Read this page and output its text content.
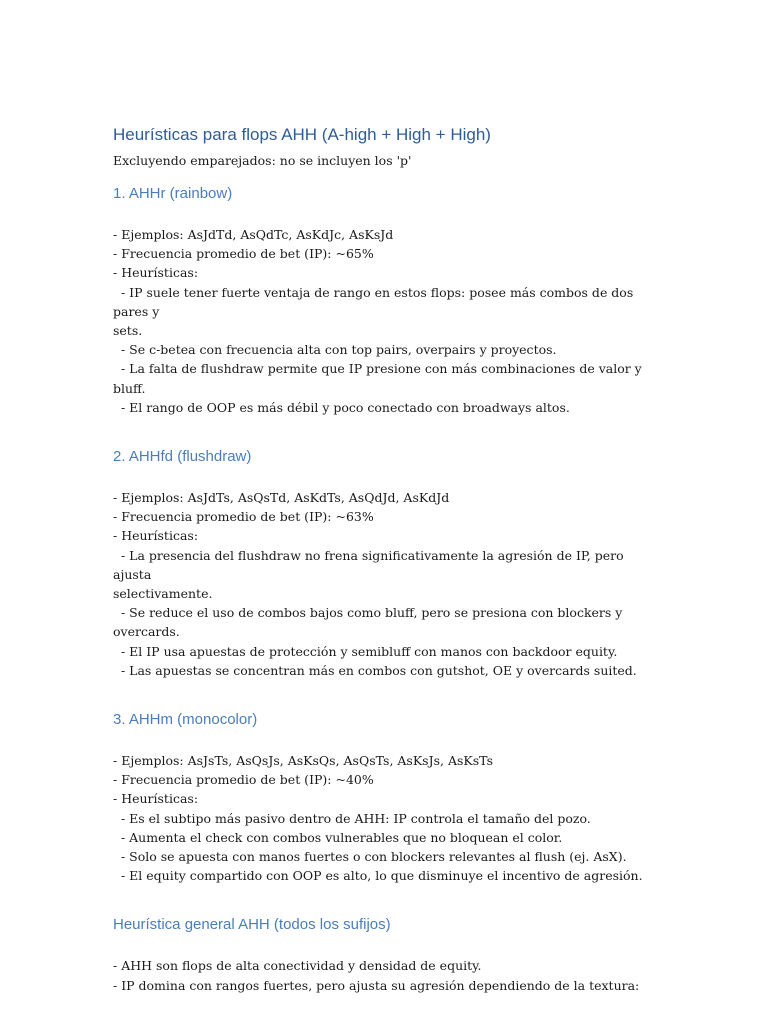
Heurísticas para flops AHH (A-high + High + High)

Excluyendo emparejados: no se incluyen los 'p'

1. AHHr (rainbow)

- Ejemplos: AsJdTd, AsQdTc, AsKdJc, AsKsJd

- Frecuencia promedio de bet (IP): ~65%

- Heurísticas:

- IP suele tener fuerte ventaja de rango en estos flops: posee más combos de dos pares y

sets.

- Se c-betea con frecuencia alta con top pairs, overpairs y proyectos.

- La falta de flushdraw permite que IP presione con más combinaciones de valor y bluff.

- El rango de OOP es más débil y poco conectado con broadways altos.

2. AHHfd (flushdraw)

- Ejemplos: AsJdTs, AsQsTd, AsKdTs, AsQdJd, AsKdJd

- Frecuencia promedio de bet (IP): ~63%

- Heurísticas:

- La presencia del flushdraw no frena significativamente la agresión de IP, pero ajusta

selectivamente.

- Se reduce el uso de combos bajos como bluff, pero se presiona con blockers y overcards.

- El IP usa apuestas de protección y semibluff con manos con backdoor equity.

- Las apuestas se concentran más en combos con gutshot, OE y overcards suited.

3. AHHm (monocolor)

- Ejemplos: AsJsTs, AsQsJs, AsKsQs, AsQsTs, AsKsJs, AsKsTs

- Frecuencia promedio de bet (IP): ~40%

- Heurísticas:

- Es el subtipo más pasivo dentro de AHH: IP controla el tamaño del pozo.

- Aumenta el check con combos vulnerables que no bloquean el color.

- Solo se apuesta con manos fuertes o con blockers relevantes al flush (ej. AsX).

- El equity compartido con OOP es alto, lo que disminuye el incentivo de agresión.

Heurística general AHH (todos los sufijos)

- AHH son flops de alta conectividad y densidad de equity.

- IP domina con rangos fuertes, pero ajusta su agresión dependiendo de la textura:
